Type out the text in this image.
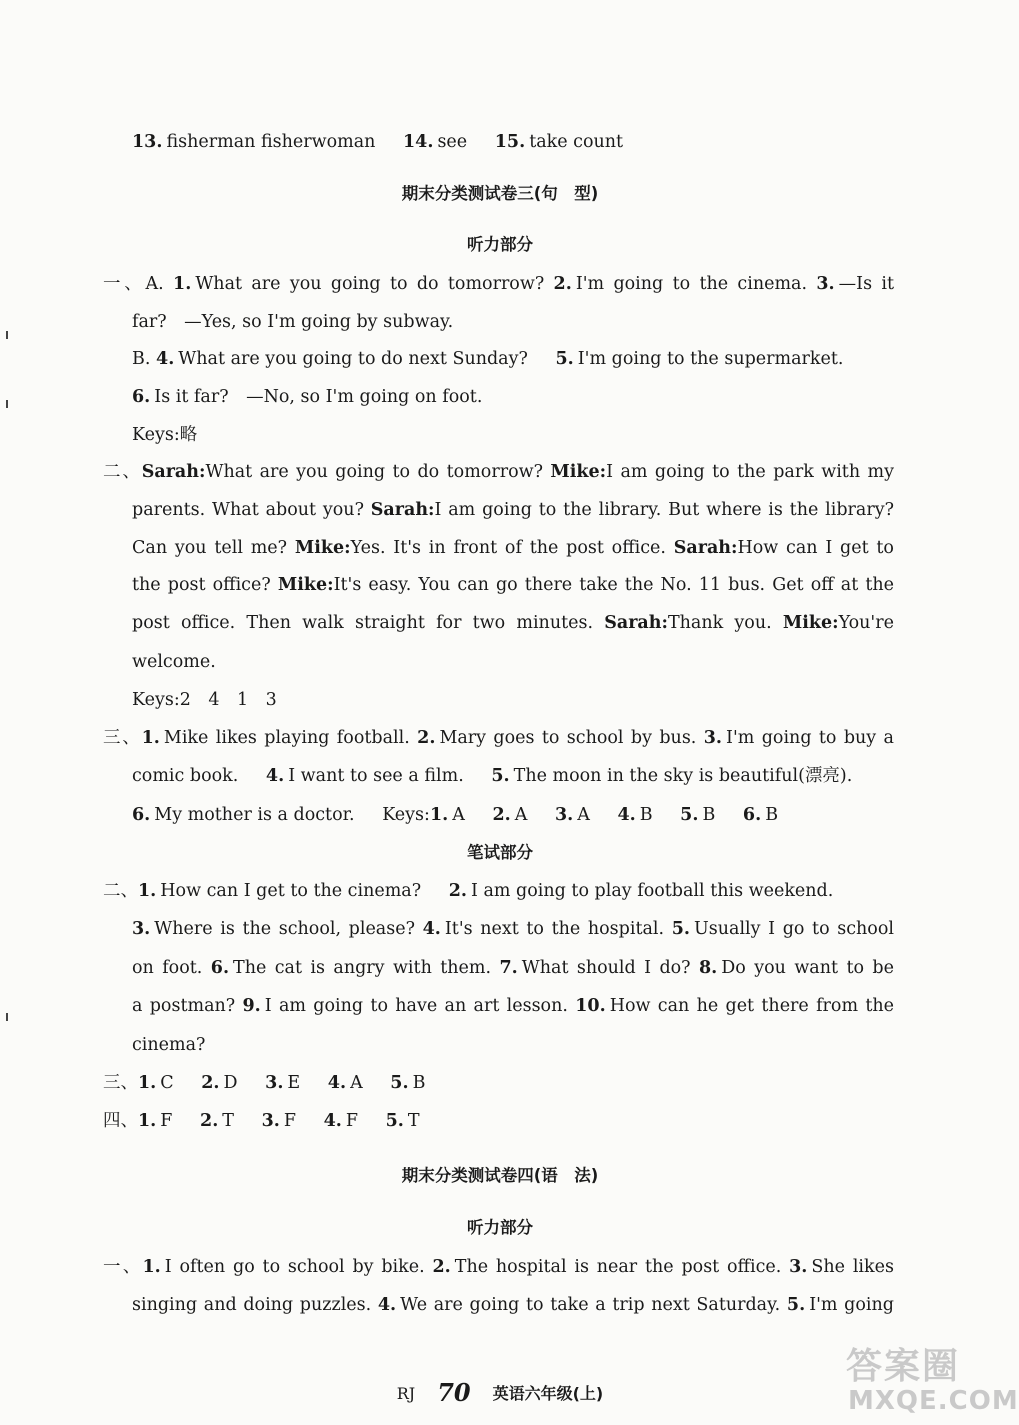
13. fisherman fisherwoman 14. see 15. take count
期末分类测试卷三(句　型)
听力部分
一、A. 1. What are you going to do tomorrow? 2. I'm going to the cinema. 3. —Is it
far?　—Yes, so I'm going by subway.
B. 4. What are you going to do next Sunday? 5. I'm going to the supermarket.
6. Is it far?　—No, so I'm going on foot.
Keys:略
二、Sarah:What are you going to do tomorrow? Mike:I am going to the park with my
parents. What about you? Sarah:I am going to the library. But where is the library?
Can you tell me? Mike:Yes. It's in front of the post office. Sarah:How can I get to
the post office? Mike:It's easy. You can go there take the No. 11 bus. Get off at the
post office. Then walk straight for two minutes. Sarah:Thank you. Mike:You're
welcome.
Keys:2　4　1　3
三、1. Mike likes playing football. 2. Mary goes to school by bus. 3. I'm going to buy a
comic book. 4. I want to see a film. 5. The moon in the sky is beautiful(漂亮).
6. My mother is a doctor. Keys:1. A 2. A 3. A 4. B 5. B 6. B
笔试部分
二、1. How can I get to the cinema? 2. I am going to play football this weekend.
3. Where is the school, please? 4. It's next to the hospital. 5. Usually I go to school
on foot. 6. The cat is angry with them. 7. What should I do? 8. Do you want to be
a postman? 9. I am going to have an art lesson. 10. How can he get there from the
cinema?
三、1. C 2. D 3. E 4. A 5. B
四、1. F 2. T 3. F 4. F 5. T
期末分类测试卷四(语　法)
听力部分
一、1. I often go to school by bike. 2. The hospital is near the post office. 3. She likes
singing and doing puzzles. 4. We are going to take a trip next Saturday. 5. I'm going
RJ 70 英语六年级(上)
答案圈
MXQE.COM
